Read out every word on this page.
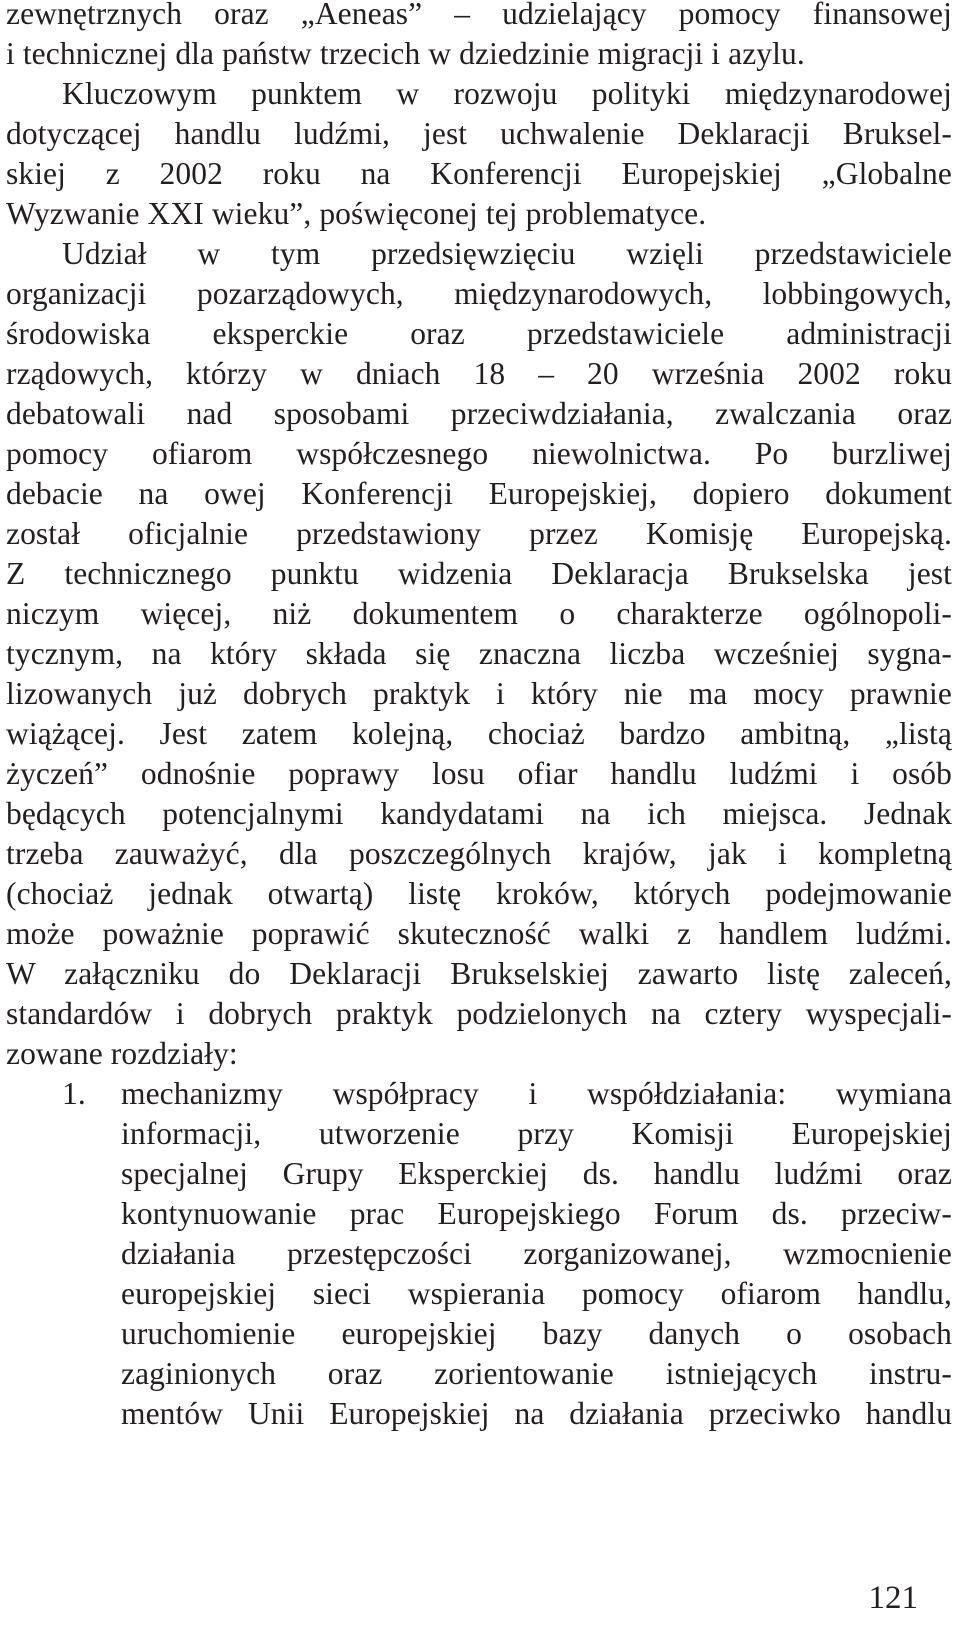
zewnętrznych oraz „Aeneas” – udzielający pomocy finansowej
i technicznej dla państw trzecich w dziedzinie migracji i azylu.
Kluczowym punktem w rozwoju polityki międzynarodowej
dotyczącej handlu ludźmi, jest uchwalenie Deklaracji Bruksel-
skiej z 2002 roku na Konferencji Europejskiej „Globalne
Wyzwanie XXI wieku”, poświęconej tej problematyce.
Udział w tym przedsięwzięciu wzięli przedstawiciele
organizacji pozarządowych, międzynarodowych, lobbingowych,
środowiska eksperckie oraz przedstawiciele administracji
rządowych, którzy w dniach 18 – 20 września 2002 roku
debatowali nad sposobami przeciwdziałania, zwalczania oraz
pomocy ofiarom współczesnego niewolnictwa. Po burzliwej
debacie na owej Konferencji Europejskiej, dopiero dokument
został oficjalnie przedstawiony przez Komisję Europejską.
Z technicznego punktu widzenia Deklaracja Brukselska jest
niczym więcej, niż dokumentem o charakterze ogólnopoli-
tycznym, na który składa się znaczna liczba wcześniej sygna-
lizowanych już dobrych praktyk i który nie ma mocy prawnie
wiążącej. Jest zatem kolejną, chociaż bardzo ambitną, „listą
życzeń” odnośnie poprawy losu ofiar handlu ludźmi i osób
będących potencjalnymi kandydatami na ich miejsca. Jednak
trzeba zauważyć, dla poszczególnych krajów, jak i kompletną
(chociaż jednak otwartą) listę kroków, których podejmowanie
może poważnie poprawić skuteczność walki z handlem ludźmi.
W załączniku do Deklaracji Brukselskiej zawarto listę zaleceń,
standardów i dobrych praktyk podzielonych na cztery wyspecjali-
zowane rozdziały:
1. mechanizmy współpracy i współdziałania: wymiana
informacji, utworzenie przy Komisji Europejskiej
specjalnej Grupy Eksperckiej ds. handlu ludźmi oraz
kontynuowanie prac Europejskiego Forum ds. przeciw-
działania przestępczości zorganizowanej, wzmocnienie
europejskiej sieci wspierania pomocy ofiarom handlu,
uruchomienie europejskiej bazy danych o osobach
zaginionych oraz zorientowanie istniejących instru-
mentów Unii Europejskiej na działania przeciwko handlu
121
